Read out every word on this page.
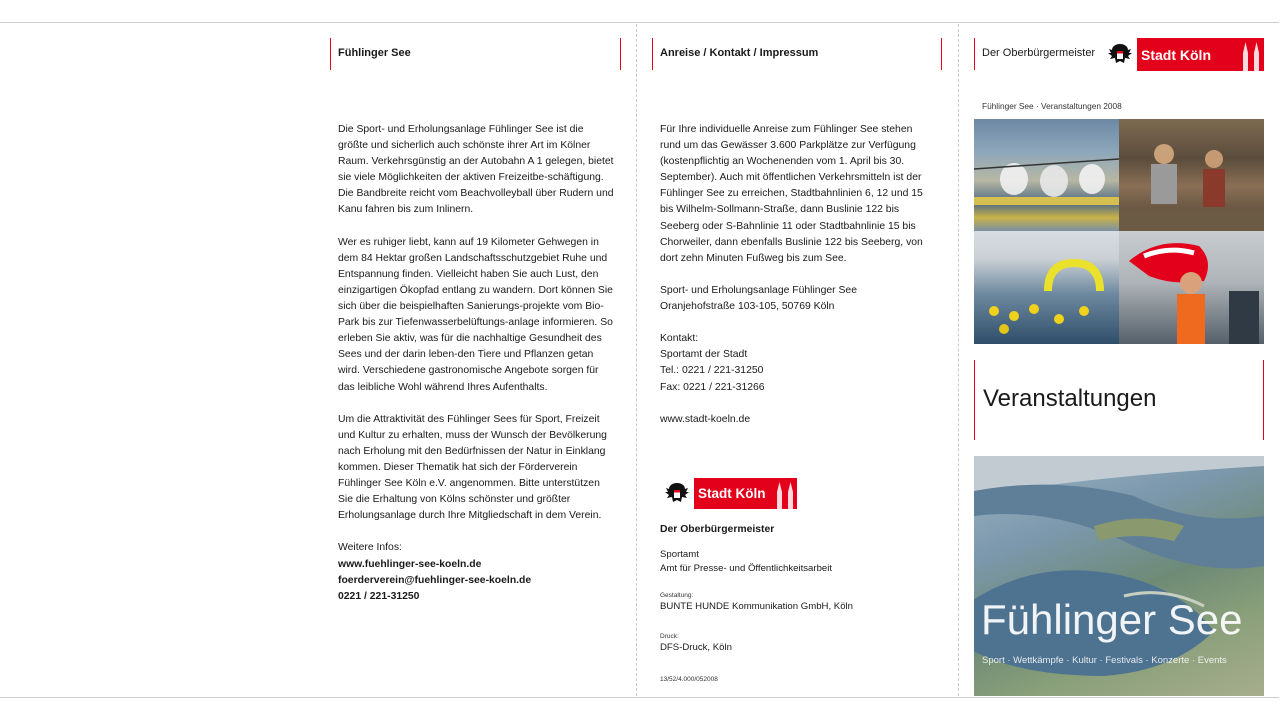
Fühlinger See

Die Sport- und Erholungsanlage Fühlinger See ist die größte und sicherlich auch schönste ihrer Art im Kölner Raum. Verkehrsgünstig an der Autobahn A 1 gelegen, bietet sie viele Möglichkeiten der aktiven Freizeitbe-schäftigung. Die Bandbreite reicht vom Beachvolleyball über Rudern und Kanu fahren bis zum Inlinern.

Wer es ruhiger liebt, kann auf 19 Kilometer Gehwegen in dem 84 Hektar großen Landschaftsschutzgebiet Ruhe und Entspannung finden. Vielleicht haben Sie auch Lust, den einzigartigen Ökopfad entlang zu wandern. Dort können Sie sich über die beispielhaften Sanierungs-projekte vom Bio-Park bis zur Tiefenwasserbelüftungs-anlage informieren. So erleben Sie aktiv, was für die nachhaltige Gesundheit des Sees und der darin leben-den Tiere und Pflanzen getan wird. Verschiedene gastronomische Angebote sorgen für das leibliche Wohl während Ihres Aufenthalts.

Um die Attraktivität des Fühlinger Sees für Sport, Freizeit und Kultur zu erhalten, muss der Wunsch der Bevölkerung nach Erholung mit den Bedürfnissen der Natur in Einklang kommen. Dieser Thematik hat sich der Förderverein Fühlinger See Köln e.V. angenommen. Bitte unterstützen Sie die Erhaltung von Kölns schönster und größter Erholungsanlage durch Ihre Mitgliedschaft in dem Verein.

Weitere Infos:
www.fuehlinger-see-koeln.de
foerderverein@fuehlinger-see-koeln.de
0221 / 221-31250
Anreise / Kontakt / Impressum

Für Ihre individuelle Anreise zum Fühlinger See stehen rund um das Gewässer 3.600 Parkplätze zur Verfügung (kostenpflichtig an Wochenenden vom 1. April bis 30. September). Auch mit öffentlichen Verkehrsmitteln ist der Fühlinger See zu erreichen, Stadtbahnlinien 6, 12 und 15 bis Wilhelm-Sollmann-Straße, dann Buslinie 122 bis Seeberg oder S-Bahnlinie 11 oder Stadtbahnlinie 15 bis Chorweiler, dann ebenfalls Buslinie 122 bis Seeberg, von dort zehn Minuten Fußweg bis zum See.

Sport- und Erholungsanlage Fühlinger See

Oranjehofstraße 103-105, 50769 Köln

Kontakt:
Sportamt der Stadt
Tel.: 0221 / 221-31250

Fax: 0221 / 221-31266

www.stadt-koeln.de
Stadt Köln
Der Oberbürgermeister
Sportamt
Amt für Presse- und Öffentlichkeitsarbeit
Gestaltung:
BUNTE HUNDE Kommunikation GmbH, Köln
Druck:
DFS-Druck, Köln
13/52/4.000/052008
Der Oberbürgermeister	Stadt Köln
Fühlinger See · Veranstaltungen 2008
Veranstaltungen
Fühlinger See
Sport · Wettkämpfe · Kultur · Festivals · Konzerte · Events
